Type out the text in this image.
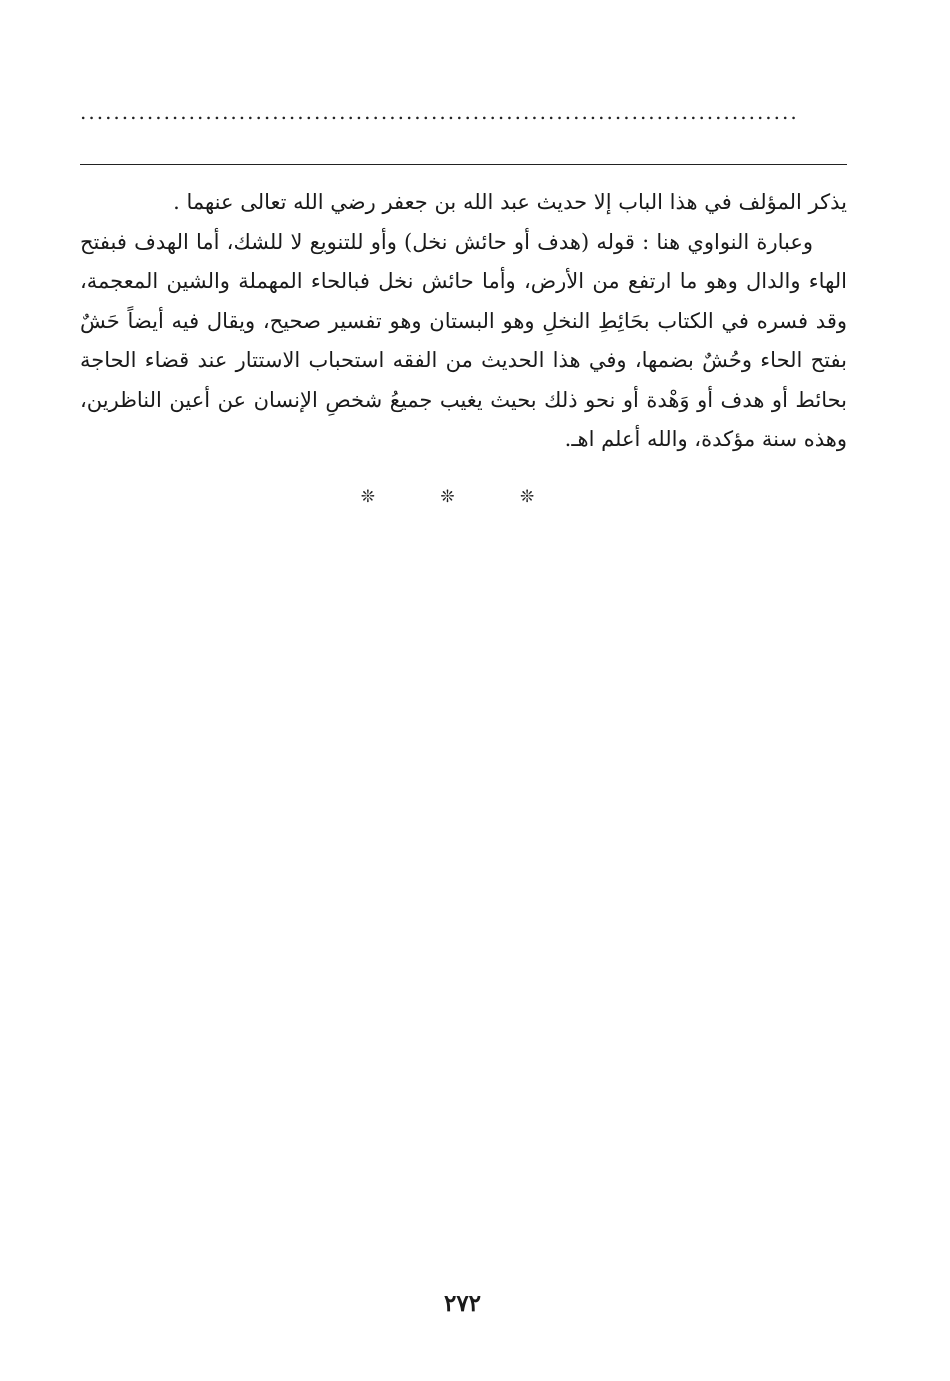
......................................................................................

يذكر المؤلف في هذا الباب إلا حديث عبد الله بن جعفر رضي الله تعالى عنهما .

وعبارة النواوي هنا : قوله (هدف أو حائش نخل) وأو للتنويع لا للشك، أما الهدف فبفتح الهاء والدال وهو ما ارتفع من الأرض، وأما حائش نخل فبالحاء المهملة والشين المعجمة، وقد فسره في الكتاب بحَائِطِ النخلِ وهو البستان وهو تفسير صحيح، ويقال فيه أيضاً حَشٌ بفتح الحاء وحُشٌ بضمها، وفي هذا الحديث من الفقه استحباب الاستتار عند قضاء الحاجة بحائط أو هدف أو وَهْدة أو نحو ذلك بحيث يغيب جميعُ شخصِ الإنسان عن أعين الناظرين، وهذه سنة مؤكدة، والله أعلم اهـ.

❊ ❊ ❊
٢٧٢
